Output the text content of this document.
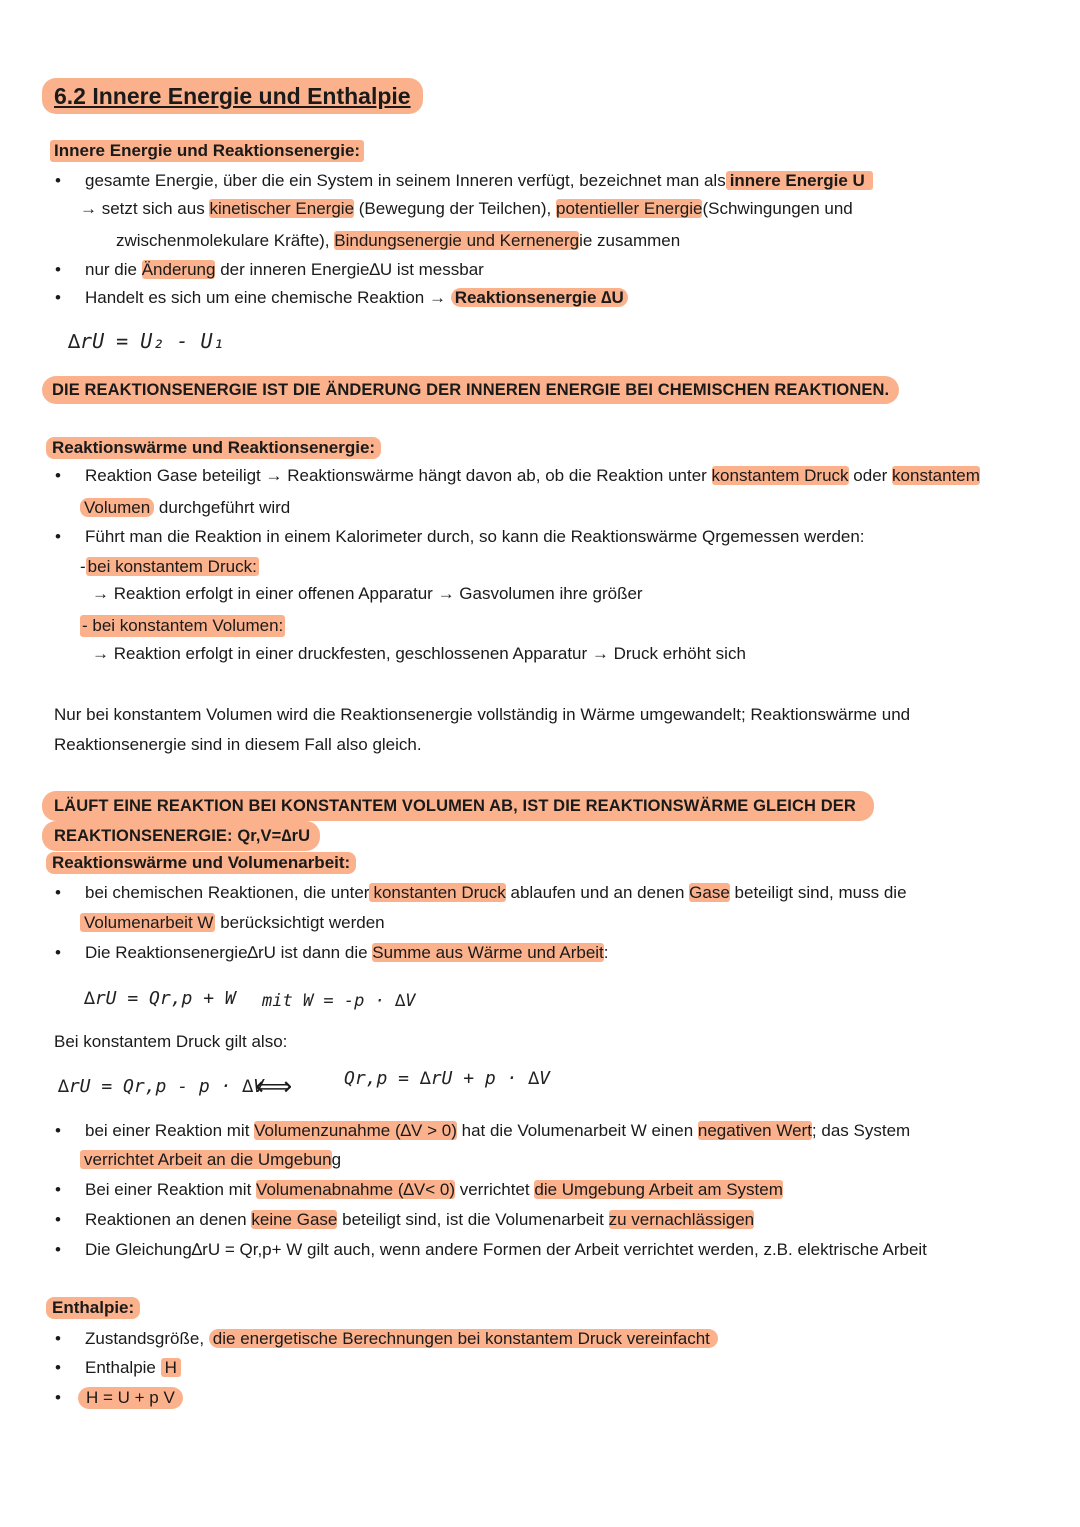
6.2 Innere Energie und Enthalpie
Innere Energie und Reaktionsenergie:
• gesamte Energie, über die ein System in seinem Inneren verfügt, bezeichnet man als innere Energie U
→ setzt sich aus kinetischer Energie (Bewegung der Teilchen), potentieller Energie(Schwingungen und
zwischenmolekulare Kräfte), Bindungsenergie und Kernenergie zusammen
• nur die Änderung der inneren Energie∆U ist messbar
• Handelt es sich um eine chemische Reaktion → Reaktionsenergie ∆U
∆rU = U₂ - U₁
DIE REAKTIONSENERGIE IST DIE ÄNDERUNG DER INNEREN ENERGIE BEI CHEMISCHEN REAKTIONEN.
Reaktionswärme und Reaktionsenergie:
• Reaktion Gase beteiligt → Reaktionswärme hängt davon ab, ob die Reaktion unter konstantem Druck oder konstantem
Volumen durchgeführt wird
• Führt man die Reaktion in einem Kalorimeter durch, so kann die Reaktionswärme Qrgemessen werden:
- bei konstantem Druck:
→ Reaktion erfolgt in einer offenen Apparatur → Gasvolumen ihre größer
- bei konstantem Volumen:
→ Reaktion erfolgt in einer druckfesten, geschlossenen Apparatur → Druck erhöht sich
Nur bei konstantem Volumen wird die Reaktionsenergie vollständig in Wärme umgewandelt; Reaktionswärme und
Reaktionsenergie sind in diesem Fall also gleich.
LÄUFT EINE REAKTION BEI KONSTANTEM VOLUMEN AB, IST DIE REAKTIONSWÄRME GLEICH DER
REAKTIONSENERGIE: Qr,V=∆rU
Reaktionswärme und Volumenarbeit:
• bei chemischen Reaktionen, die unter konstanten Druck ablaufen und an denen Gase beteiligt sind, muss die
Volumenarbeit W berücksichtigt werden
• Die Reaktionsenergie∆rU ist dann die Summe aus Wärme und Arbeit:
∆rU = Qr,p + W mit W = -p · ∆V
Bei konstantem Druck gilt also:
∆rU = Qr,p - p · ∆V
⟺	Qr,p = ∆rU + p · ∆V
• bei einer Reaktion mit Volumenzunahme (∆V > 0) hat die Volumenarbeit W einen negativen Wert; das System
verrichtet Arbeit an die Umgebung
• Bei einer Reaktion mit Volumenabnahme (∆V< 0) verrichtet die Umgebung Arbeit am System
• Reaktionen an denen keine Gase beteiligt sind, ist die Volumenarbeit zu vernachlässigen
• Die Gleichung∆rU = Qr,p+ W gilt auch, wenn andere Formen der Arbeit verrichtet werden, z.B. elektrische Arbeit
Enthalpie:
• Zustandsgröße, die energetische Berechnungen bei konstantem Druck vereinfacht
• Enthalpie H
•	H = U + p V
